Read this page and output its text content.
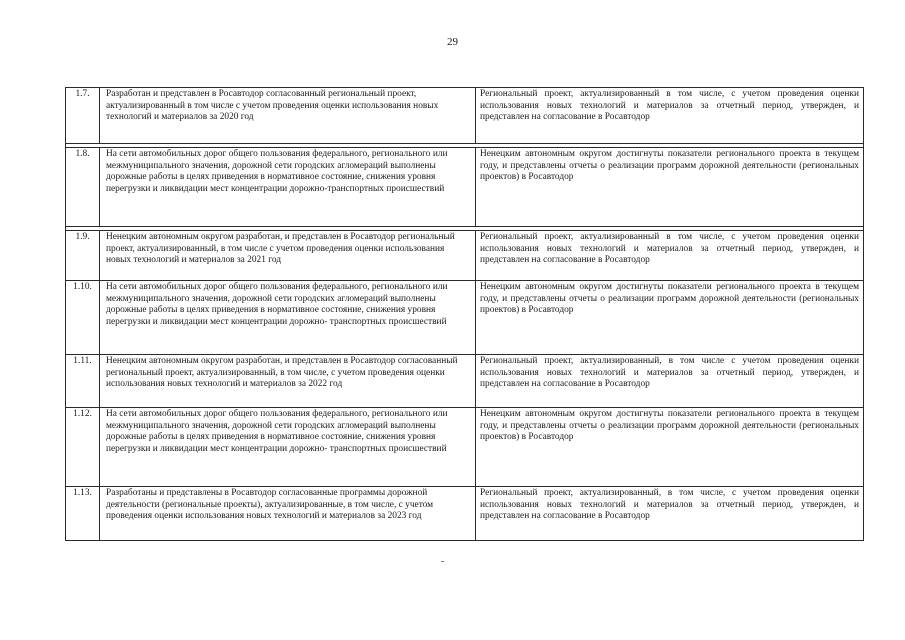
29
1.7.	Разработан и представлен в Росавтодор согласованный региональный проект, актуализированный в том числе с учетом проведения оценки использования новых технологий и материалов за 2020 год	Региональный проект, актуализированный в том числе, с учетом проведения оценки использования новых технологий и материалов за отчетный период, утвержден, и представлен на согласование в Росавтодор

1.8.	На сети автомобильных дорог общего пользования федерального, регионального или межмуниципального значения, дорожной сети городских агломераций выполнены дорожные работы в целях приведения в нормативное состояние, снижения уровня перегрузки и ликвидации мест концентрации дорожно-транспортных происшествий	Ненецким автономным округом достигнуты показатели регионального проекта в текущем году, и представлены отчеты о реализации программ дорожной деятельности (региональных проектов) в Росавтодор

1.9.	Ненецким автономным округом разработан, и представлен в Росавтодор региональный проект, актуализированный, в том числе с учетом проведения оценки использования новых технологий и материалов за 2021 год	Региональный проект, актуализированный в том числе, с учетом проведения оценки использования новых технологий и материалов за отчетный период, утвержден, и представлен на согласование в Росавтодор
1.10.	На сети автомобильных дорог общего пользования федерального, регионального или межмуниципального значения, дорожной сети городских агломераций выполнены дорожные работы в целях приведения в нормативное состояние, снижения уровня перегрузки и ликвидации мест концентрации дорожно- транспортных происшествий	Ненецким автономным округом достигнуты показатели регионального проекта в текущем году, и представлены отчеты о реализации программ дорожной деятельности (региональных проектов) в Росавтодор
1.11.	Ненецким автономным округом разработан, и представлен в Росавтодор согласованный региональный проект, актуализированный, в том числе, с учетом проведения оценки использования новых технологий и материалов за 2022 год	Региональный проект, актуализированный, в том числе с учетом проведения оценки использования новых технологий и материалов за отчетный период, утвержден, и представлен на согласование в Росавтодор
1.12.	На сети автомобильных дорог общего пользования федерального, регионального или межмуниципального значения, дорожной сети городских агломераций выполнены дорожные работы в целях приведения в нормативное состояние, снижения уровня перегрузки и ликвидации мест концентрации дорожно- транспортных происшествий	Ненецким автономным округом достигнуты показатели регионального проекта в текущем году, и представлены отчеты о реализации программ дорожной деятельности (региональных проектов) в Росавтодор
1.13.	Разработаны и представлены в Росавтодор согласованные программы дорожной деятельности (региональные проекты), актуализированные, в том числе, с учетом проведения оценки использования новых технологий и материалов за 2023 год	Региональный проект, актуализированный, в том числе, с учетом проведения оценки использования новых технологий и материалов за отчетный период, утвержден, и представлен на согласование в Росавтодор
